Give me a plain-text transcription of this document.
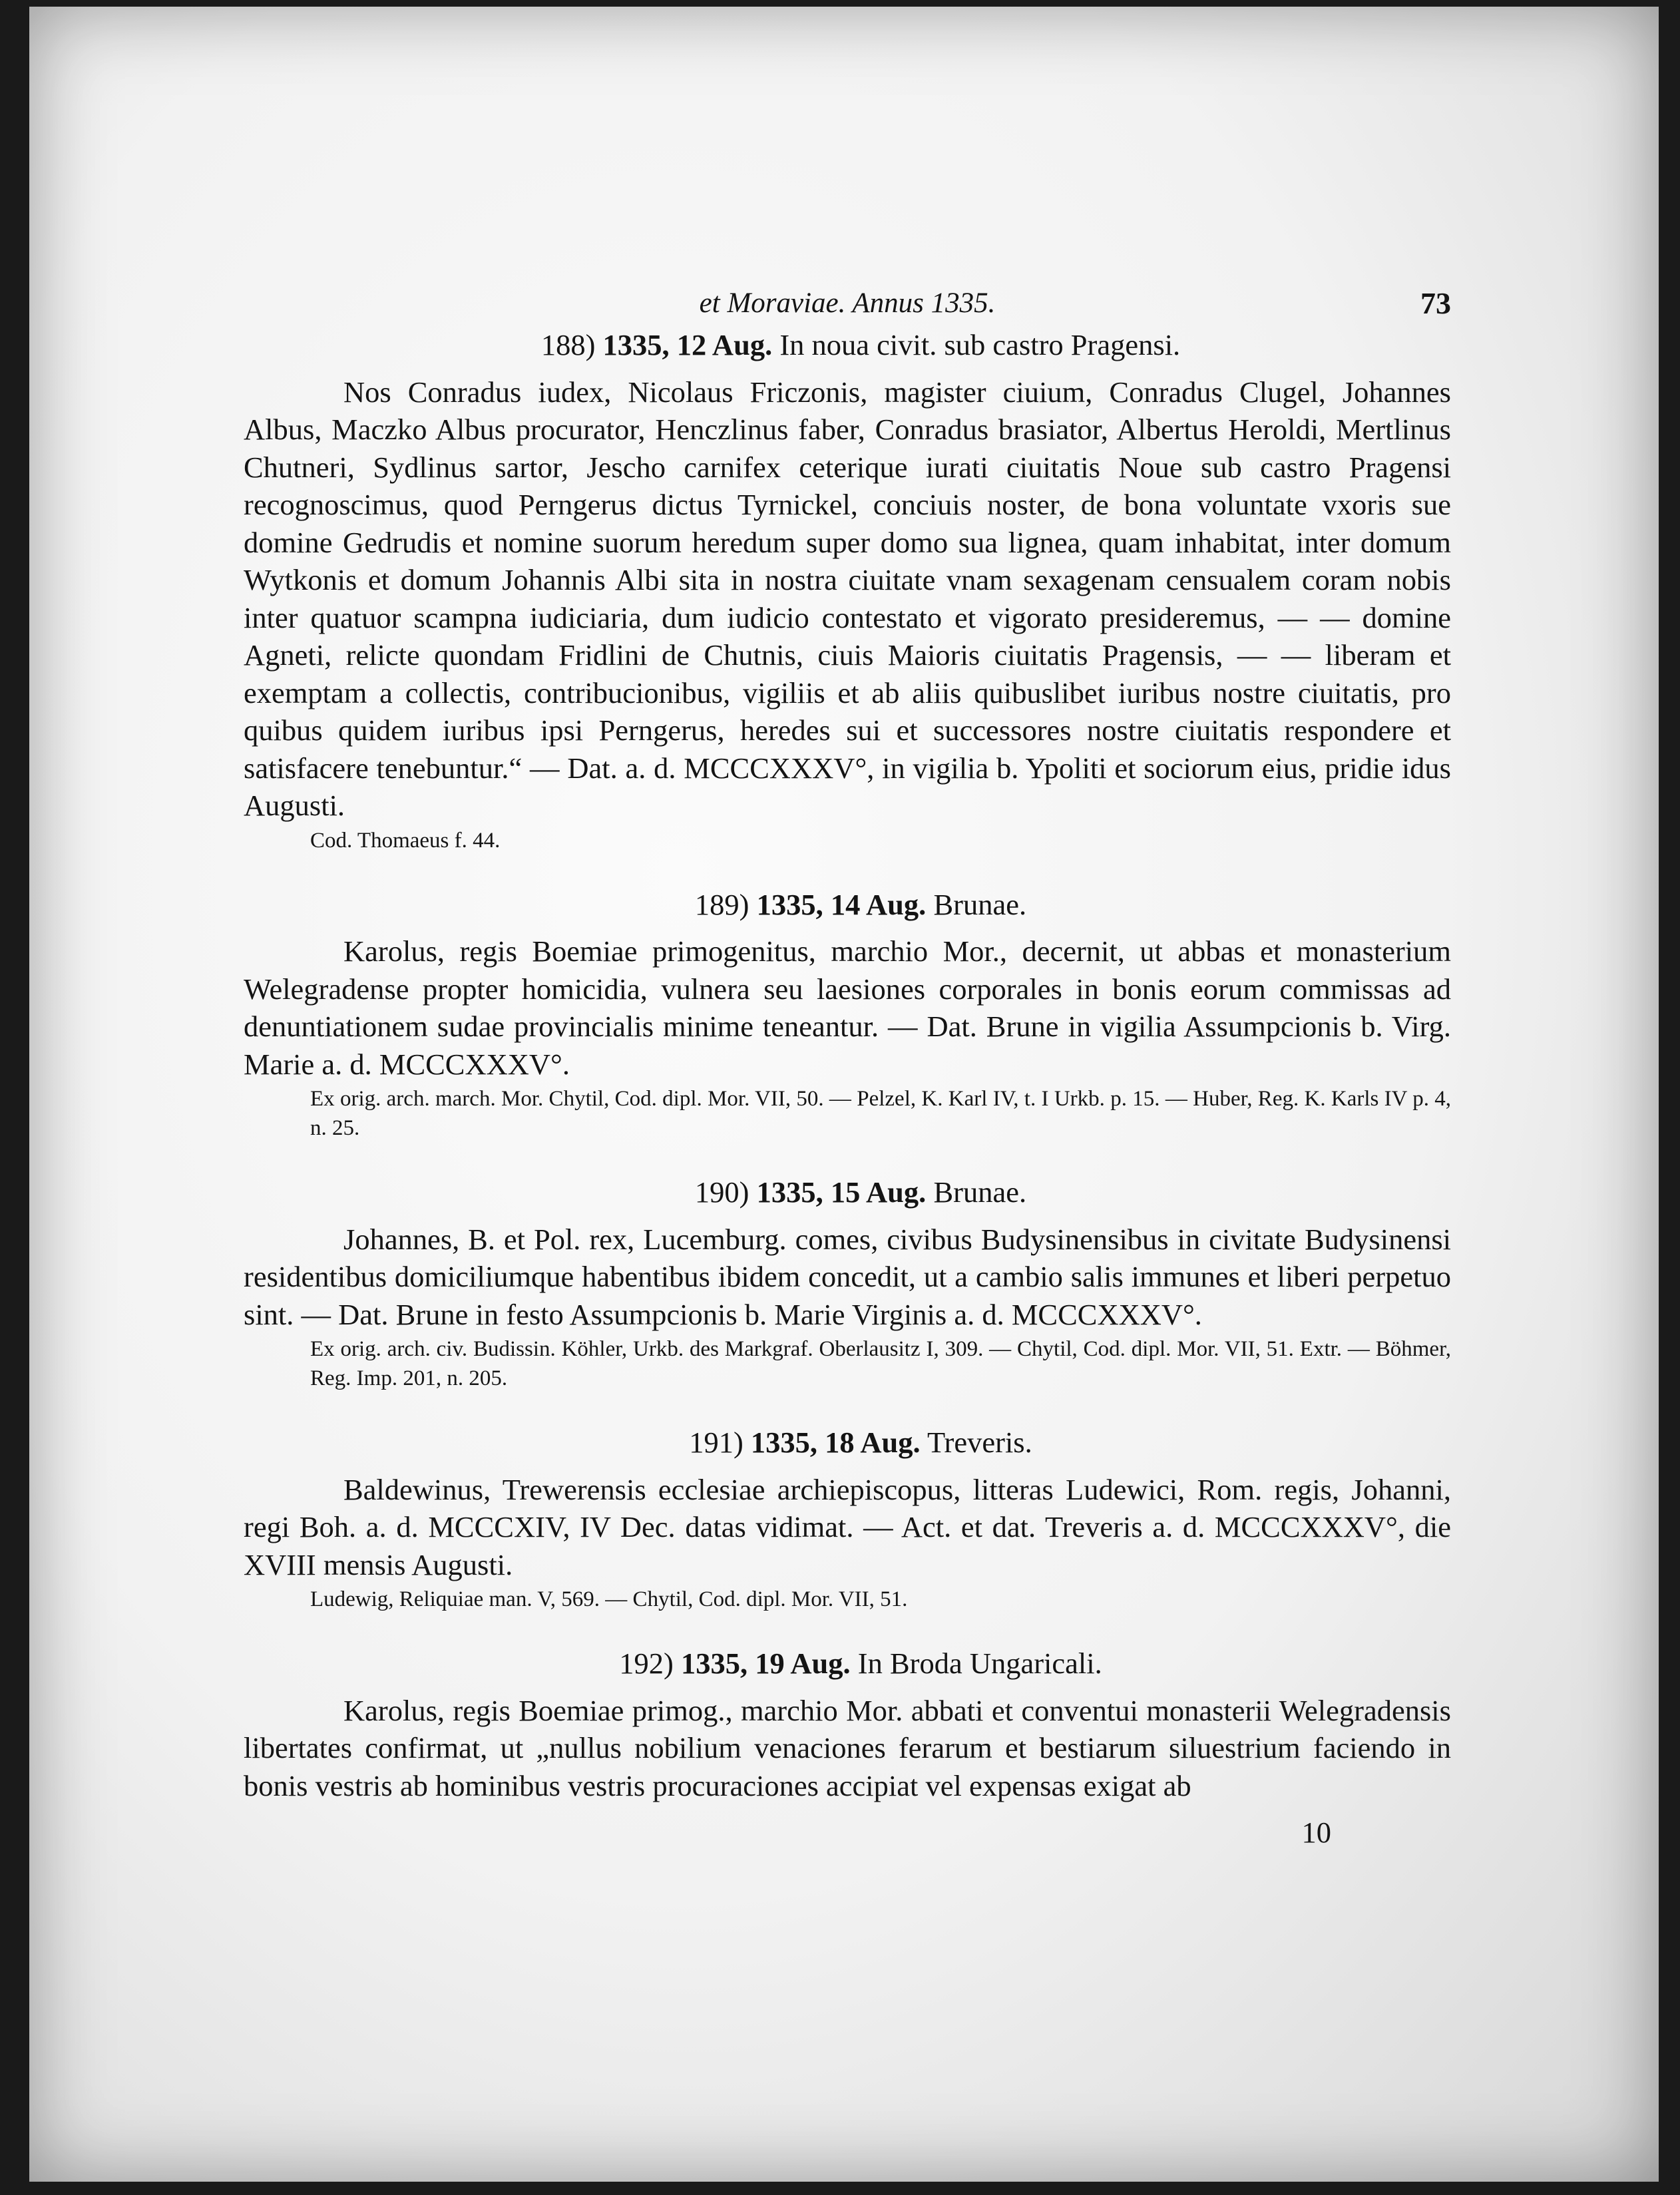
et Moraviae. Annus 1335.	73

188) 1335, 12 Aug. In noua civit. sub castro Pragensi.

Nos Conradus iudex, Nicolaus Friczonis, magister ciuium, Conradus Clugel, Johannes Albus, Maczko Albus procurator, Henczlinus faber, Conradus brasiator, Albertus Heroldi, Mertlinus Chutneri, Sydlinus sartor, Jescho carnifex ceterique iurati ciuitatis Noue sub castro Pragensi recognoscimus, quod Perngerus dictus Tyrnickel, conciuis noster, de bona voluntate vxoris sue domine Gedrudis et nomine suorum heredum super domo sua lignea, quam inhabitat, inter domum Wytkonis et domum Johannis Albi sita in nostra ciuitate vnam sexagenam censualem coram nobis inter quatuor scampna iudiciaria, dum iudicio contestato et vigorato presideremus, — — domine Agneti, relicte quondam Fridlini de Chutnis, ciuis Maioris ciuitatis Pragensis, — — liberam et exemptam a collectis, contribucionibus, vigiliis et ab aliis quibuslibet iuribus nostre ciuitatis, pro quibus quidem iuribus ipsi Perngerus, heredes sui et successores nostre ciuitatis respondere et satisfacere tenebuntur.“ — Dat. a. d. MCCCXXXV°, in vigilia b. Ypoliti et sociorum eius, pridie idus Augusti.

Cod. Thomaeus f. 44.

189) 1335, 14 Aug. Brunae.

Karolus, regis Boemiae primogenitus, marchio Mor., decernit, ut abbas et monasterium Welegradense propter homicidia, vulnera seu laesiones corporales in bonis eorum commissas ad denuntiationem sudae provincialis minime teneantur. — Dat. Brune in vigilia Assumpcionis b. Virg. Marie a. d. MCCCXXXV°.

Ex orig. arch. march. Mor. Chytil, Cod. dipl. Mor. VII, 50. — Pelzel, K. Karl IV, t. I Urkb. p. 15. — Huber, Reg. K. Karls IV p. 4, n. 25.

190) 1335, 15 Aug. Brunae.

Johannes, B. et Pol. rex, Lucemburg. comes, civibus Budysinensibus in civitate Budysinensi residentibus domiciliumque habentibus ibidem concedit, ut a cambio salis immunes et liberi perpetuo sint. — Dat. Brune in festo Assumpcionis b. Marie Virginis a. d. MCCCXXXV°.

Ex orig. arch. civ. Budissin. Köhler, Urkb. des Markgraf. Oberlausitz I, 309. — Chytil, Cod. dipl. Mor. VII, 51. Extr. — Böhmer, Reg. Imp. 201, n. 205.

191) 1335, 18 Aug. Treveris.

Baldewinus, Trewerensis ecclesiae archiepiscopus, litteras Ludewici, Rom. regis, Johanni, regi Boh. a. d. MCCCXIV, IV Dec. datas vidimat. — Act. et dat. Treveris a. d. MCCCXXXV°, die XVIII mensis Augusti.

Ludewig, Reliquiae man. V, 569. — Chytil, Cod. dipl. Mor. VII, 51.

192) 1335, 19 Aug. In Broda Ungaricali.

Karolus, regis Boemiae primog., marchio Mor. abbati et conventui monasterii Welegradensis libertates confirmat, ut „nullus nobilium venaciones ferarum et bestiarum siluestrium faciendo in bonis vestris ab hominibus vestris procuraciones accipiat vel expensas exigat ab

10
